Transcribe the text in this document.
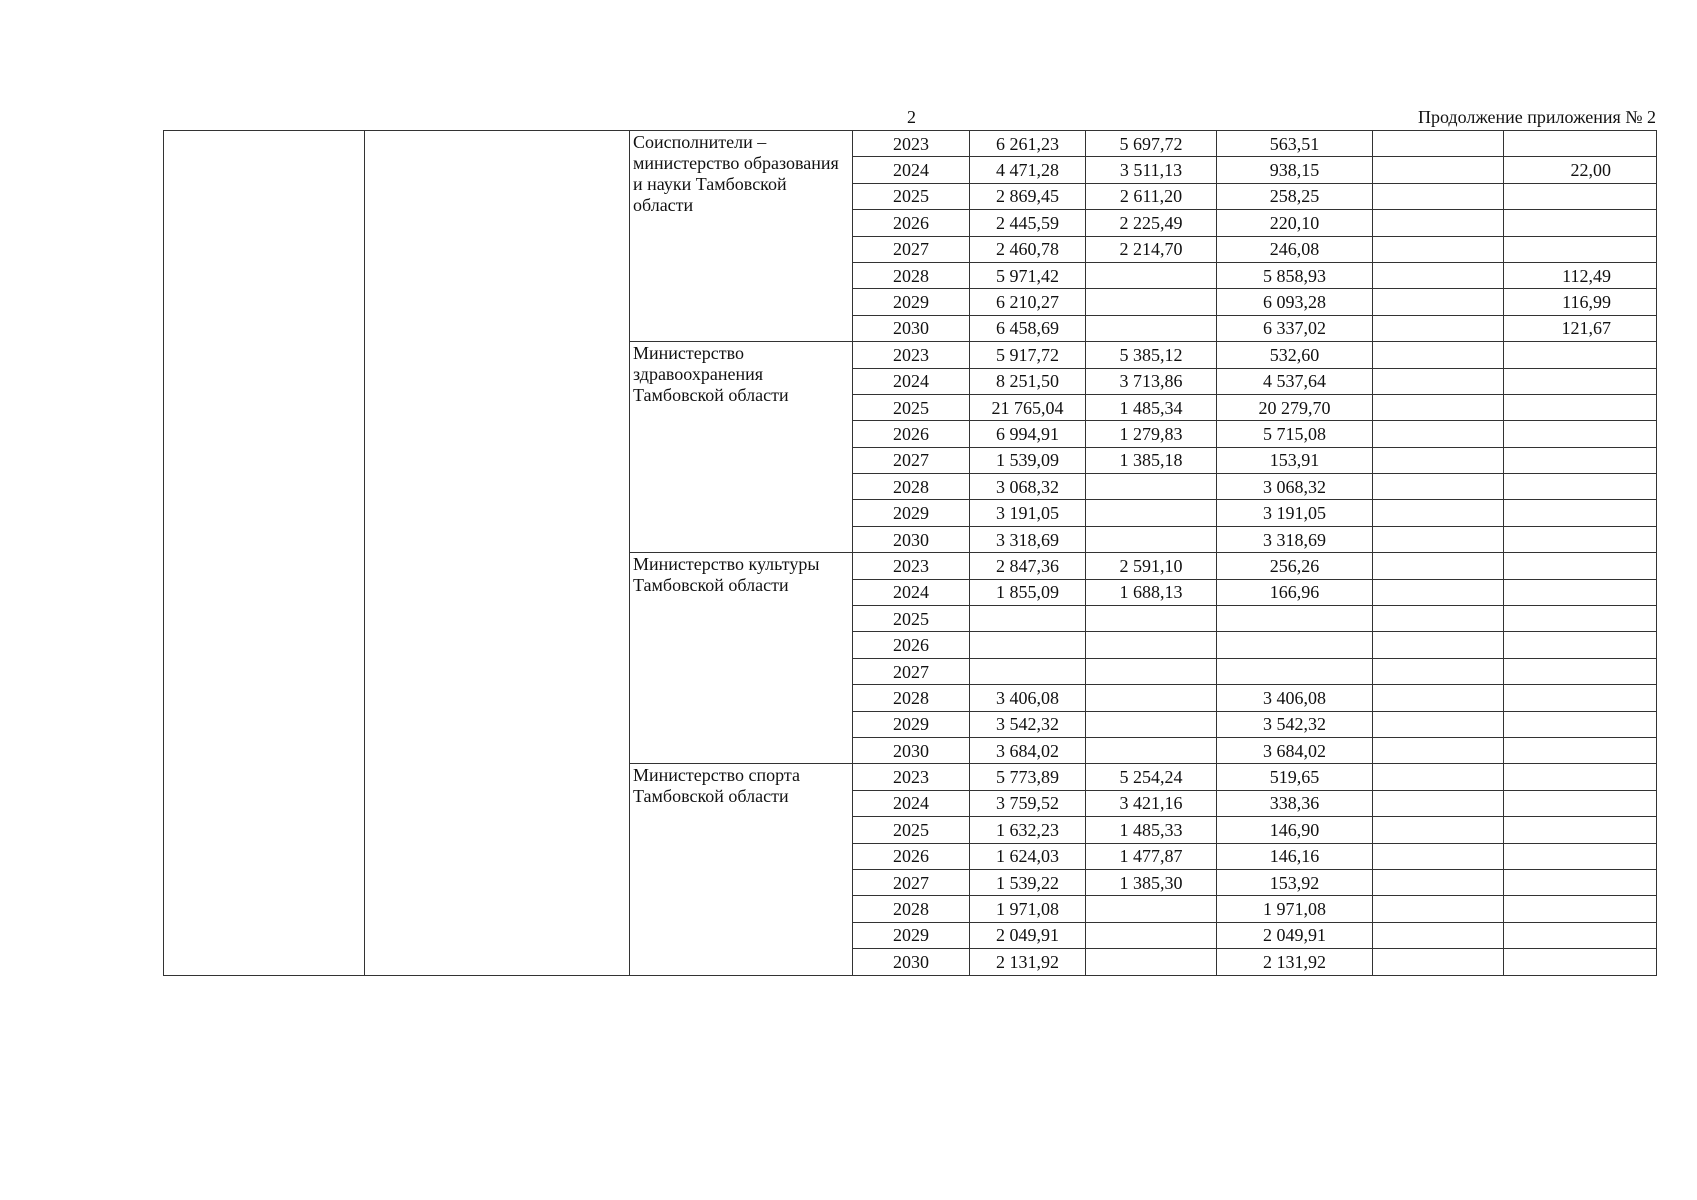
2	Продолжение приложения № 2
		Соисполнители – министерство образования и науки Тамбовской области	2023	6 261,23	5 697,72	563,51		
			2024	4 471,28	3 511,13	938,15		22,00
			2025	2 869,45	2 611,20	258,25		
			2026	2 445,59	2 225,49	220,10		
			2027	2 460,78	2 214,70	246,08		
			2028	5 971,42		5 858,93		112,49
			2029	6 210,27		6 093,28		116,99
			2030	6 458,69		6 337,02		121,67
		Министерство здравоохранения Тамбовской области	2023	5 917,72	5 385,12	532,60		
			2024	8 251,50	3 713,86	4 537,64		
			2025	21 765,04	1 485,34	20 279,70		
			2026	6 994,91	1 279,83	5 715,08		
			2027	1 539,09	1 385,18	153,91		
			2028	3 068,32		3 068,32		
			2029	3 191,05		3 191,05		
			2030	3 318,69		3 318,69		
		Министерство культуры Тамбовской области	2023	2 847,36	2 591,10	256,26		
			2024	1 855,09	1 688,13	166,96		
			2025					
			2026					
			2027					
			2028	3 406,08		3 406,08		
			2029	3 542,32		3 542,32		
			2030	3 684,02		3 684,02		
		Министерство спорта Тамбовской области	2023	5 773,89	5 254,24	519,65		
			2024	3 759,52	3 421,16	338,36		
			2025	1 632,23	1 485,33	146,90		
			2026	1 624,03	1 477,87	146,16		
			2027	1 539,22	1 385,30	153,92		
			2028	1 971,08		1 971,08		
			2029	2 049,91		2 049,91		
			2030	2 131,92		2 131,92		
